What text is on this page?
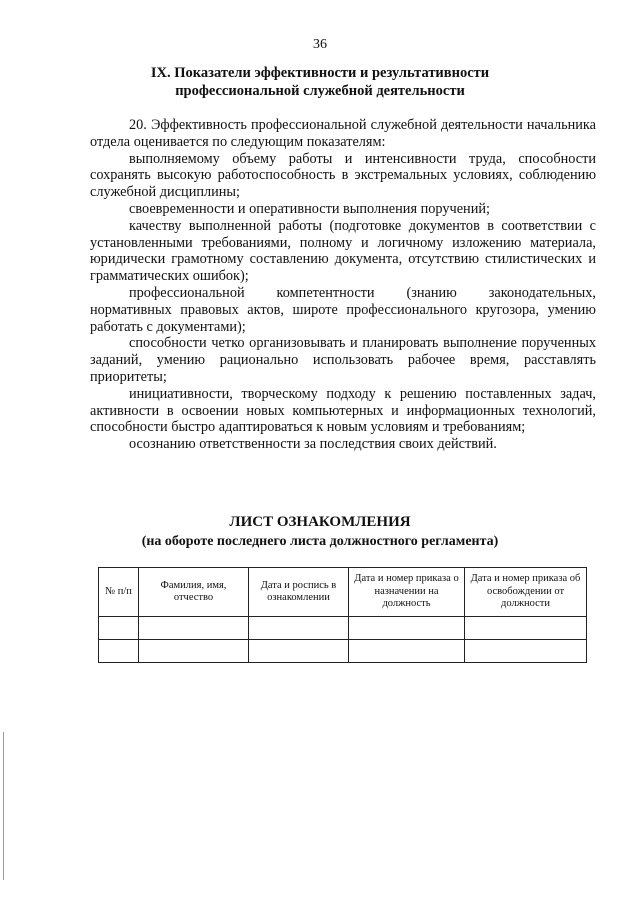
36
IX. Показатели эффективности и результативности
профессиональной служебной деятельности

20. Эффективность профессиональной служебной деятельности начальника отдела оценивается по следующим показателям:

выполняемому объему работы и интенсивности труда, способности сохранять высокую работоспособность в экстремальных условиях, соблюдению служебной дисциплины;

своевременности и оперативности выполнения поручений;

качеству выполненной работы (подготовке документов в соответствии с установленными требованиями, полному и логичному изложению материала, юридически грамотному составлению документа, отсутствию стилистических и грамматических ошибок);

профессиональной компетентности (знанию законодательных, нормативных правовых актов, широте профессионального кругозора, умению работать с документами);

способности четко организовывать и планировать выполнение порученных заданий, умению рационально использовать рабочее время, расставлять приоритеты;

инициативности, творческому подходу к решению поставленных задач, активности в освоении новых компьютерных и информационных технологий, способности быстро адаптироваться к новым условиям и требованиям;

осознанию ответственности за последствия своих действий.

ЛИСТ ОЗНАКОМЛЕНИЯ
(на обороте последнего листа должностного регламента)
№ п/п	Фамилия, имя, отчество	Дата и роспись в ознакомлении	Дата и номер приказа о назначении на должность	Дата и номер приказа об освобождении от должности
